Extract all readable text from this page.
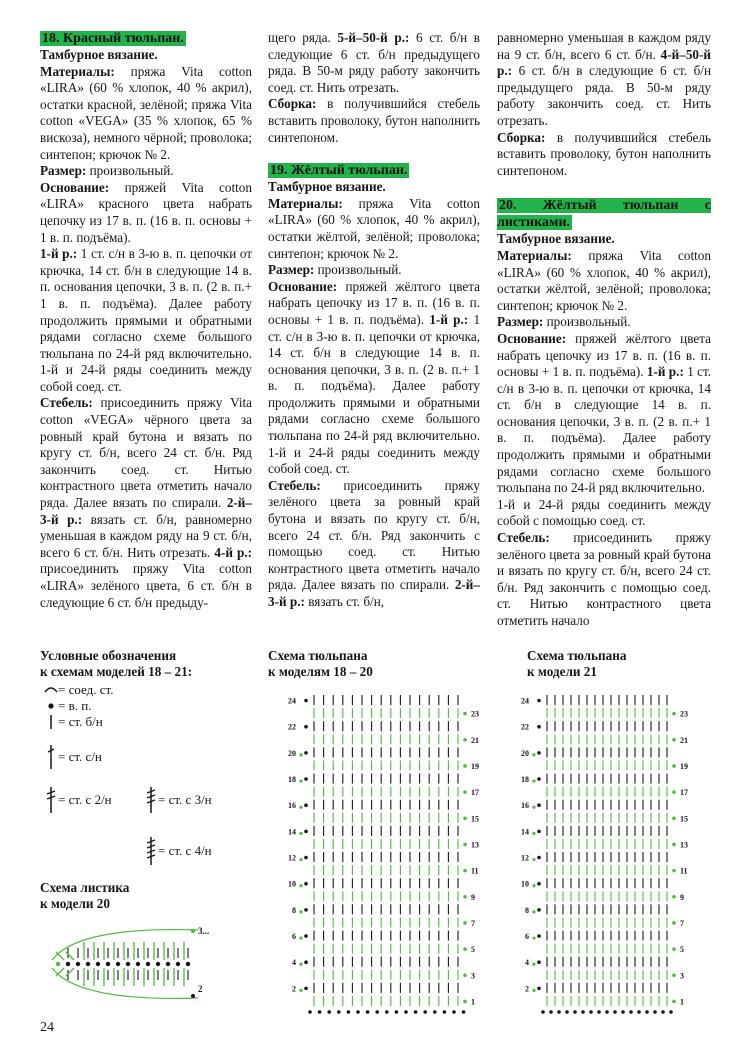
18. Красный тюльпан.

Тамбурное вязание.

Материалы: пряжа Vita cotton «LIRA» (60 % хлопок, 40 % акрил), остатки красной, зелёной; пряжа Vita cotton «VEGA» (35 % хлопок, 65 % вискоза), немного чёрной; проволока; синтепон; крючок № 2.

Размер: произвольный.

Основание: пряжей Vita cotton «LIRA» красного цвета набрать цепочку из 17 в. п. (16 в. п. основы + 1 в. п. подъёма).

1-й р.: 1 ст. с/н в 3-ю в. п. цепочки от крючка, 14 ст. б/н в следующие 14 в. п. основания цепочки, 3 в. п. (2 в. п.+ 1 в. п. подъёма). Далее работу продолжить прямыми и обратными рядами согласно схеме большого тюльпана по 24-й ряд включительно. 1-й и 24-й ряды соединить между собой соед. ст.

Стебель: присоединить пряжу Vita cotton «VEGA» чёрного цвета за ровный край бутона и вязать по кругу ст. б/н, всего 24 ст. б/н. Ряд закончить соед. ст. Нитью контрастного цвета отметить начало ряда. Далее вязать по спирали. 2-й–3-й р.: вязать ст. б/н, равномерно уменьшая в каждом ряду на 9 ст. б/н, всего 6 ст. б/н. Нить отрезать. 4-й р.: присоединить пряжу Vita cotton «LIRA» зелёного цвета, 6 ст. б/н в следующие 6 ст. б/н предыду-

щего ряда. 5-й–50-й р.: 6 ст. б/н в следующие 6 ст. б/н предыдущего ряда. В 50-м ряду работу закончить соед. ст. Нить отрезать.

Сборка: в получившийся стебель вставить проволоку, бутон наполнить синтепоном.

19. Жёлтый тюльпан.

Тамбурное вязание.

Материалы: пряжа Vita cotton «LIRA» (60 % хлопок, 40 % акрил), остатки жёлтой, зелёной; проволока; синтепон; крючок № 2.

Размер: произвольный.

Основание: пряжей жёлтого цвета набрать цепочку из 17 в. п. (16 в. п. основы + 1 в. п. подъёма). 1-й р.: 1 ст. с/н в 3-ю в. п. цепочки от крючка, 14 ст. б/н в следующие 14 в. п. основания цепочки, 3 в. п. (2 в. п.+ 1 в. п. подъёма). Далее работу продолжить прямыми и обратными рядами согласно схеме большого тюльпана по 24-й ряд включительно. 1-й и 24-й ряды соединить между собой соед. ст.

Стебель: присоединить пряжу зелёного цвета за ровный край бутона и вязать по кругу ст. б/н, всего 24 ст. б/н. Ряд закончить с помощью соед. ст. Нитью контрастного цвета отметить начало ряда. Далее вязать по спирали. 2-й–3-й р.: вязать ст. б/н,

равномерно уменьшая в каждом ряду на 9 ст. б/н, всего 6 ст. б/н. 4-й–50-й р.: 6 ст. б/н в следующие 6 ст. б/н предыдущего ряда. В 50-м ряду работу закончить соед. ст. Нить отрезать.

Сборка: в получившийся стебель вставить проволоку, бутон наполнить синтепоном.

20. Жёлтый тюльпан с листиками.

Тамбурное вязание.

Материалы: пряжа Vita cotton «LIRA» (60 % хлопок, 40 % акрил), остатки жёлтой, зелёной; проволока; синтепон; крючок № 2.

Размер: произвольный.

Основание: пряжей жёлтого цвета набрать цепочку из 17 в. п. (16 в. п. основы + 1 в. п. подъёма). 1-й р.: 1 ст. с/н в 3-ю в. п. цепочки от крючка, 14 ст. б/н в следующие 14 в. п. основания цепочки, 3 в. п. (2 в. п.+ 1 в. п. подъёма). Далее работу продолжить прямыми и обратными рядами согласно схеме большого тюльпана по 24-й ряд включительно.

1-й и 24-й ряды соединить между собой с помощью соед. ст.

Стебель: присоединить пряжу зелёного цвета за ровный край бутона и вязать по кругу ст. б/н, всего 24 ст. б/н. Ряд закончить с помощью соед. ст. Нитью контрастного цвета отметить начало

Условные обозначения
к схемам моделей 18 – 21:
= соед. ст.
= в. п.
= ст. б/н
= ст. с/н
= ст. с 2/н	= ст. с 3/н
= ст. с 4/н
Схема листика
к модели 20
3...
2
Схема тюльпана
к моделям 18 – 20
24
22
20
18
16
14
12
10
8
6
4
2
23
21
19
17
15
13
11
9
7
5
3
1
Схема тюльпана
к модели 21
24
22
20
18
16
14
12
10
8
6
4
2
23
21
19
17
15
13
11
9
7
5
3
1
24
